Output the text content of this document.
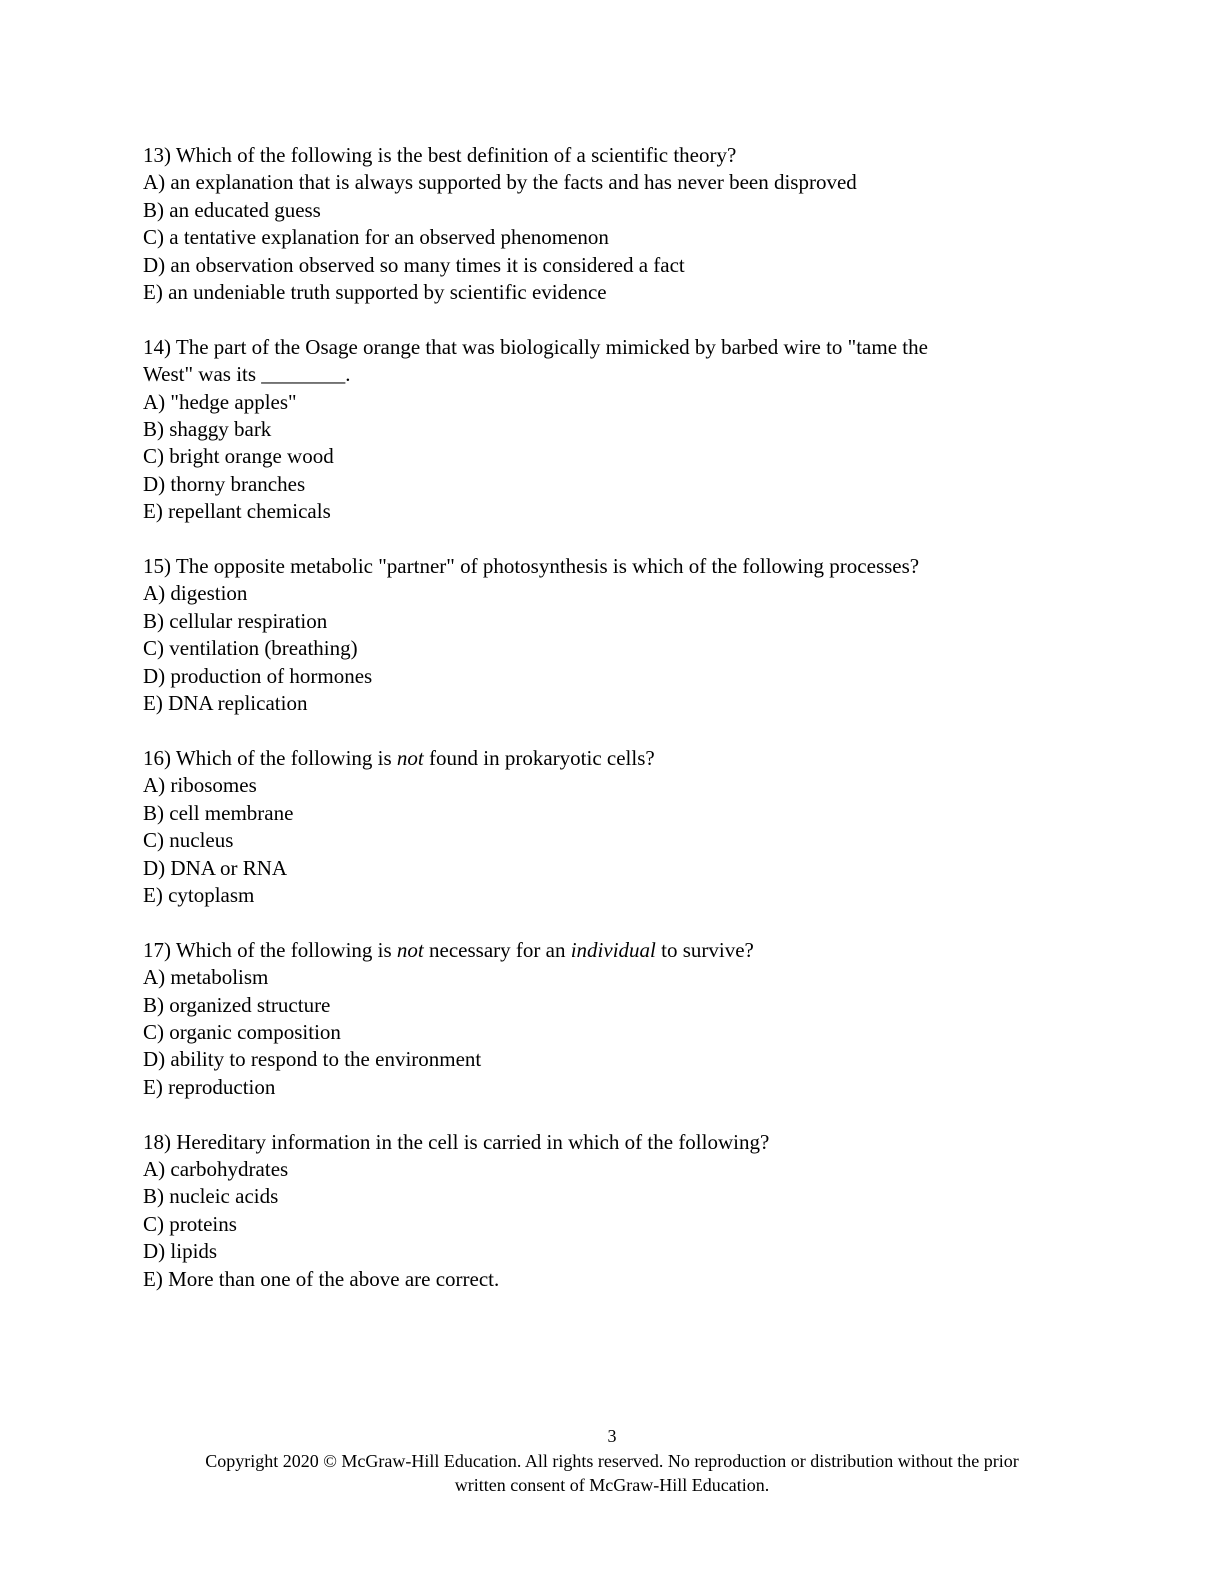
13) Which of the following is the best definition of a scientific theory?
A) an explanation that is always supported by the facts and has never been disproved
B) an educated guess
C) a tentative explanation for an observed phenomenon
D) an observation observed so many times it is considered a fact
E) an undeniable truth supported by scientific evidence
14) The part of the Osage orange that was biologically mimicked by barbed wire to "tame the
West" was its ________.
A) "hedge apples"
B) shaggy bark
C) bright orange wood
D) thorny branches
E) repellant chemicals
15) The opposite metabolic "partner" of photosynthesis is which of the following processes?
A) digestion
B) cellular respiration
C) ventilation (breathing)
D) production of hormones
E) DNA replication
16) Which of the following is not found in prokaryotic cells?
A) ribosomes
B) cell membrane
C) nucleus
D) DNA or RNA
E) cytoplasm
17) Which of the following is not necessary for an individual to survive?
A) metabolism
B) organized structure
C) organic composition
D) ability to respond to the environment
E) reproduction
18) Hereditary information in the cell is carried in which of the following?
A) carbohydrates
B) nucleic acids
C) proteins
D) lipids
E) More than one of the above are correct.
3
Copyright 2020 © McGraw-Hill Education. All rights reserved. No reproduction or distribution without the prior
written consent of McGraw-Hill Education.
